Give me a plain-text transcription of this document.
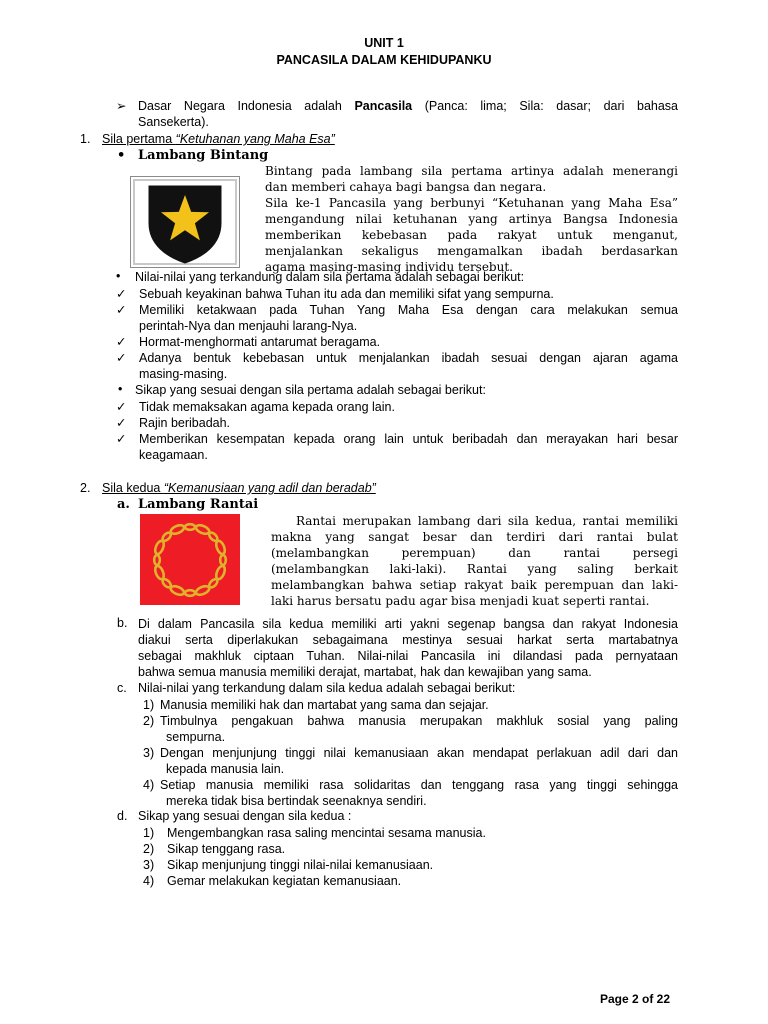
UNIT 1
PANCASILA DALAM KEHIDUPANKU
➢ Dasar Negara Indonesia adalah Pancasila (Panca: lima; Sila: dasar; dari bahasa
Sansekerta).
1. Sila pertama “Ketuhanan yang Maha Esa”
• Lambang Bintang
Bintang pada lambang sila pertama artinya adalah menerangi
dan memberi cahaya bagi bangsa dan negara.
Sila ke-1 Pancasila yang berbunyi “Ketuhanan yang Maha Esa”
mengandung nilai ketuhanan yang artinya Bangsa Indonesia
memberikan kebebasan pada rakyat untuk menganut,
menjalankan sekaligus mengamalkan ibadah berdasarkan
agama masing-masing individu tersebut.
• Nilai-nilai yang terkandung dalam sila pertama adalah sebagai berikut:
✓ Sebuah keyakinan bahwa Tuhan itu ada dan memiliki sifat yang sempurna.
✓ Memiliki ketakwaan pada Tuhan Yang Maha Esa dengan cara melakukan semua
perintah-Nya dan menjauhi larang-Nya.
✓ Hormat-menghormati antarumat beragama.
✓ Adanya bentuk kebebasan untuk menjalankan ibadah sesuai dengan ajaran agama
masing-masing.
• Sikap yang sesuai dengan sila pertama adalah sebagai berikut:
✓ Tidak memaksakan agama kepada orang lain.
✓ Rajin beribadah.
✓ Memberikan kesempatan kepada orang lain untuk beribadah dan merayakan hari besar
keagamaan.
2. Sila kedua “Kemanusiaan yang adil dan beradab”
a. Lambang Rantai
Rantai merupakan lambang dari sila kedua, rantai memiliki
makna yang sangat besar dan terdiri dari rantai bulat
(melambangkan perempuan) dan rantai persegi
(melambangkan laki-laki). Rantai yang saling berkait
melambangkan bahwa setiap rakyat baik perempuan dan laki-
laki harus bersatu padu agar bisa menjadi kuat seperti rantai.
b. Di dalam Pancasila sila kedua memiliki arti yakni segenap bangsa dan rakyat Indonesia
diakui serta diperlakukan sebagaimana mestinya sesuai harkat serta martabatnya
sebagai makhluk ciptaan Tuhan. Nilai-nilai Pancasila ini dilandasi pada pernyataan
bahwa semua manusia memiliki derajat, martabat, hak dan kewajiban yang sama.
c. Nilai-nilai yang terkandung dalam sila kedua adalah sebagai berikut:
1) Manusia memiliki hak dan martabat yang sama dan sejajar.
2) Timbulnya pengakuan bahwa manusia merupakan makhluk sosial yang paling
sempurna.
3) Dengan menjunjung tinggi nilai kemanusiaan akan mendapat perlakuan adil dari dan
kepada manusia lain.
4) Setiap manusia memiliki rasa solidaritas dan tenggang rasa yang tinggi sehingga
mereka tidak bisa bertindak seenaknya sendiri.
d. Sikap yang sesuai dengan sila kedua :
1) Mengembangkan rasa saling mencintai sesama manusia.
2) Sikap tenggang rasa.
3) Sikap menjunjung tinggi nilai-nilai kemanusiaan.
4) Gemar melakukan kegiatan kemanusiaan.
Page 2 of 22
